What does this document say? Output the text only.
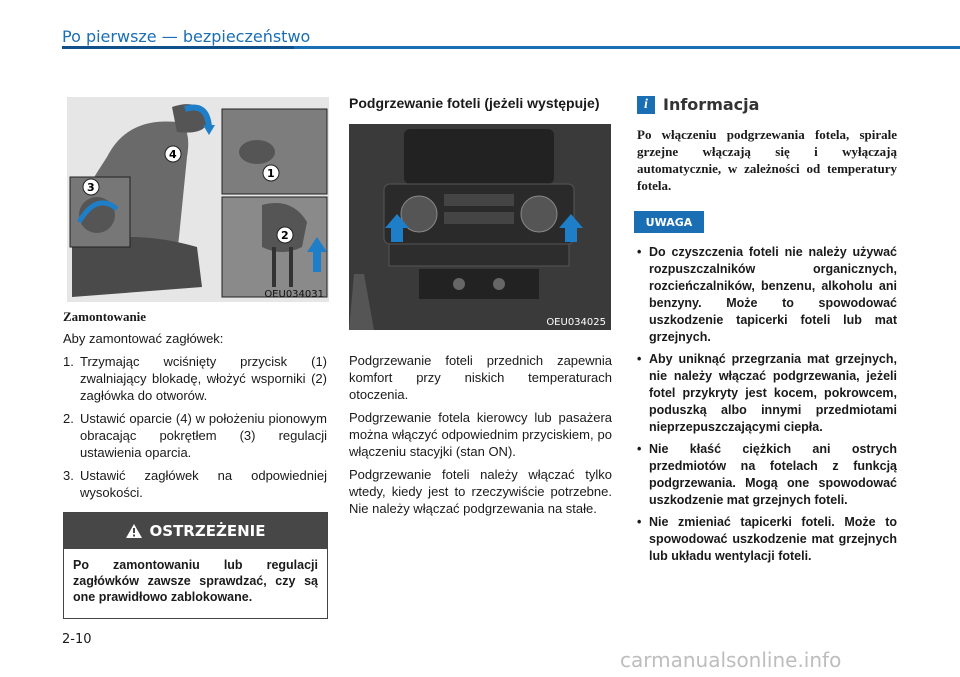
Po pierwsze — bezpieczeństwo
1
2
3
4
OEU034031
OEU034025
Zamontowanie

Aby zamontować zagłówek:

1. Trzymając wciśnięty przycisk (1) zwalniający blokadę, włożyć wsporniki (2) zagłówka do otworów.
2. Ustawić oparcie (4) w położeniu pionowym obracając pokrętłem (3) regulacji ustawienia oparcia.
3. Ustawić zagłówek na odpowiedniej wysokości.
OSTRZEŻENIE
Po zamontowaniu lub regulacji zagłówków zawsze sprawdzać, czy są one prawidłowo zablokowane.
Podgrzewanie foteli (jeżeli występuje)

Podgrzewanie foteli przednich zapewnia komfort przy niskich temperaturach otoczenia.

Podgrzewanie fotela kierowcy lub pasażera można włączyć odpowiednim przyciskiem, po włączeniu stacyjki (stan ON).

Podgrzewanie foteli należy włączać tylko wtedy, kiedy jest to rzeczywiście potrzebne. Nie należy włączać podgrzewania na stałe.

i Informacja
Po włączeniu podgrzewania fotela, spirale grzejne włączają się i wyłączają automatycznie, w zależności od temperatury fotela.
UWAGA
• Do czyszczenia foteli nie należy używać rozpuszczalników organicznych, rozcieńczalników, benzenu, alkoholu ani benzyny. Może to spowodować uszkodzenie tapicerki foteli lub mat grzejnych.
• Aby uniknąć przegrzania mat grzejnych, nie należy włączać podgrzewania, jeżeli fotel przykryty jest kocem, pokrowcem, poduszką albo innymi przedmiotami nieprzepuszczającymi ciepła.
• Nie kłaść ciężkich ani ostrych przedmiotów na fotelach z funkcją podgrzewania. Mogą one spowodować uszkodzenie mat grzejnych foteli.
• Nie zmieniać tapicerki foteli. Może to spowodować uszkodzenie mat grzejnych lub układu wentylacji foteli.
2-10
carmanualsonline.info
